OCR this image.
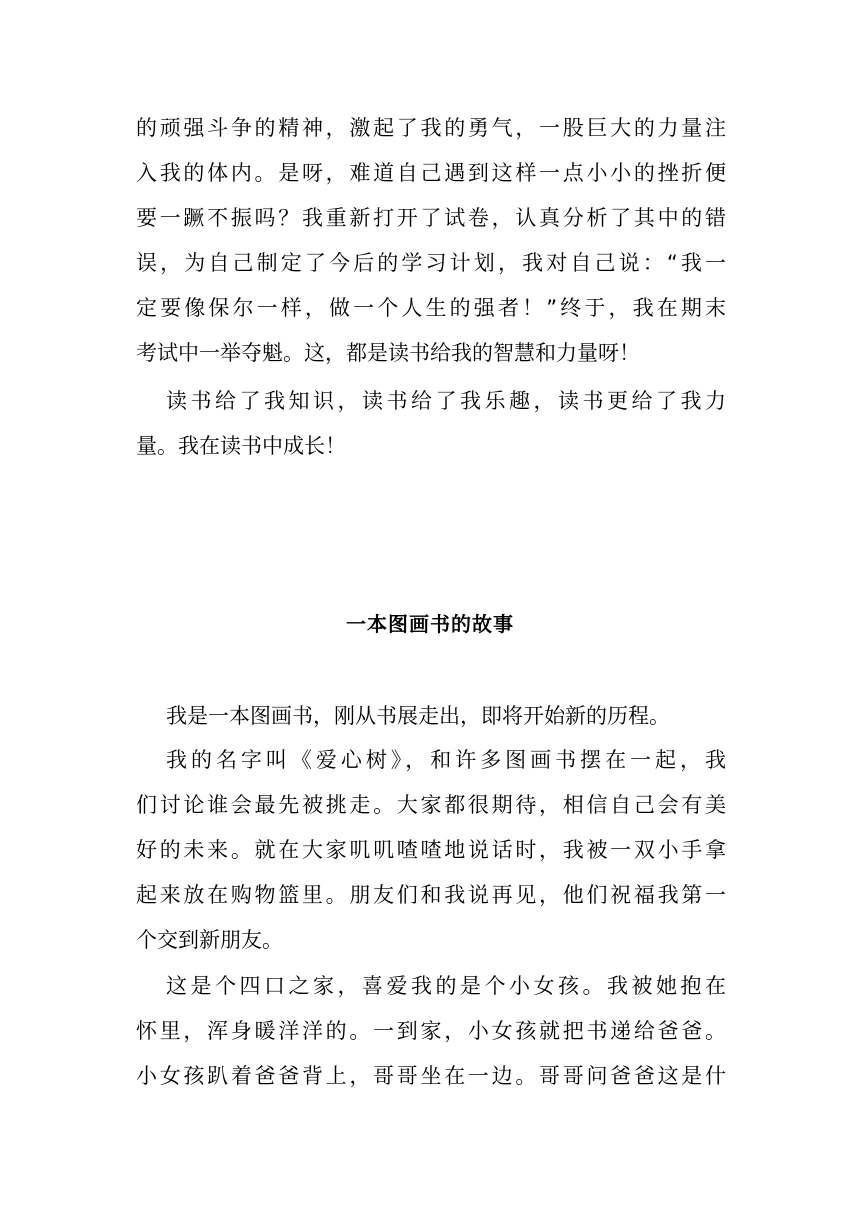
的顽强斗争的精神，激起了我的勇气，一股巨大的力量注
入我的体内。是呀，难道自己遇到这样一点小小的挫折便
要一蹶不振吗？我重新打开了试卷，认真分析了其中的错
误，为自己制定了今后的学习计划，我对自己说：“我一
定要像保尔一样，做一个人生的强者！”终于，我在期末
考试中一举夺魁。这，都是读书给我的智慧和力量呀！
读书给了我知识，读书给了我乐趣，读书更给了我力
量。我在读书中成长！
一本图画书的故事
我是一本图画书，刚从书展走出，即将开始新的历程。
我的名字叫《爱心树》，和许多图画书摆在一起，我
们讨论谁会最先被挑走。大家都很期待，相信自己会有美
好的未来。就在大家叽叽喳喳地说话时，我被一双小手拿
起来放在购物篮里。朋友们和我说再见，他们祝福我第一
个交到新朋友。
这是个四口之家，喜爱我的是个小女孩。我被她抱在
怀里，浑身暖洋洋的。一到家，小女孩就把书递给爸爸。
小女孩趴着爸爸背上，哥哥坐在一边。哥哥问爸爸这是什
